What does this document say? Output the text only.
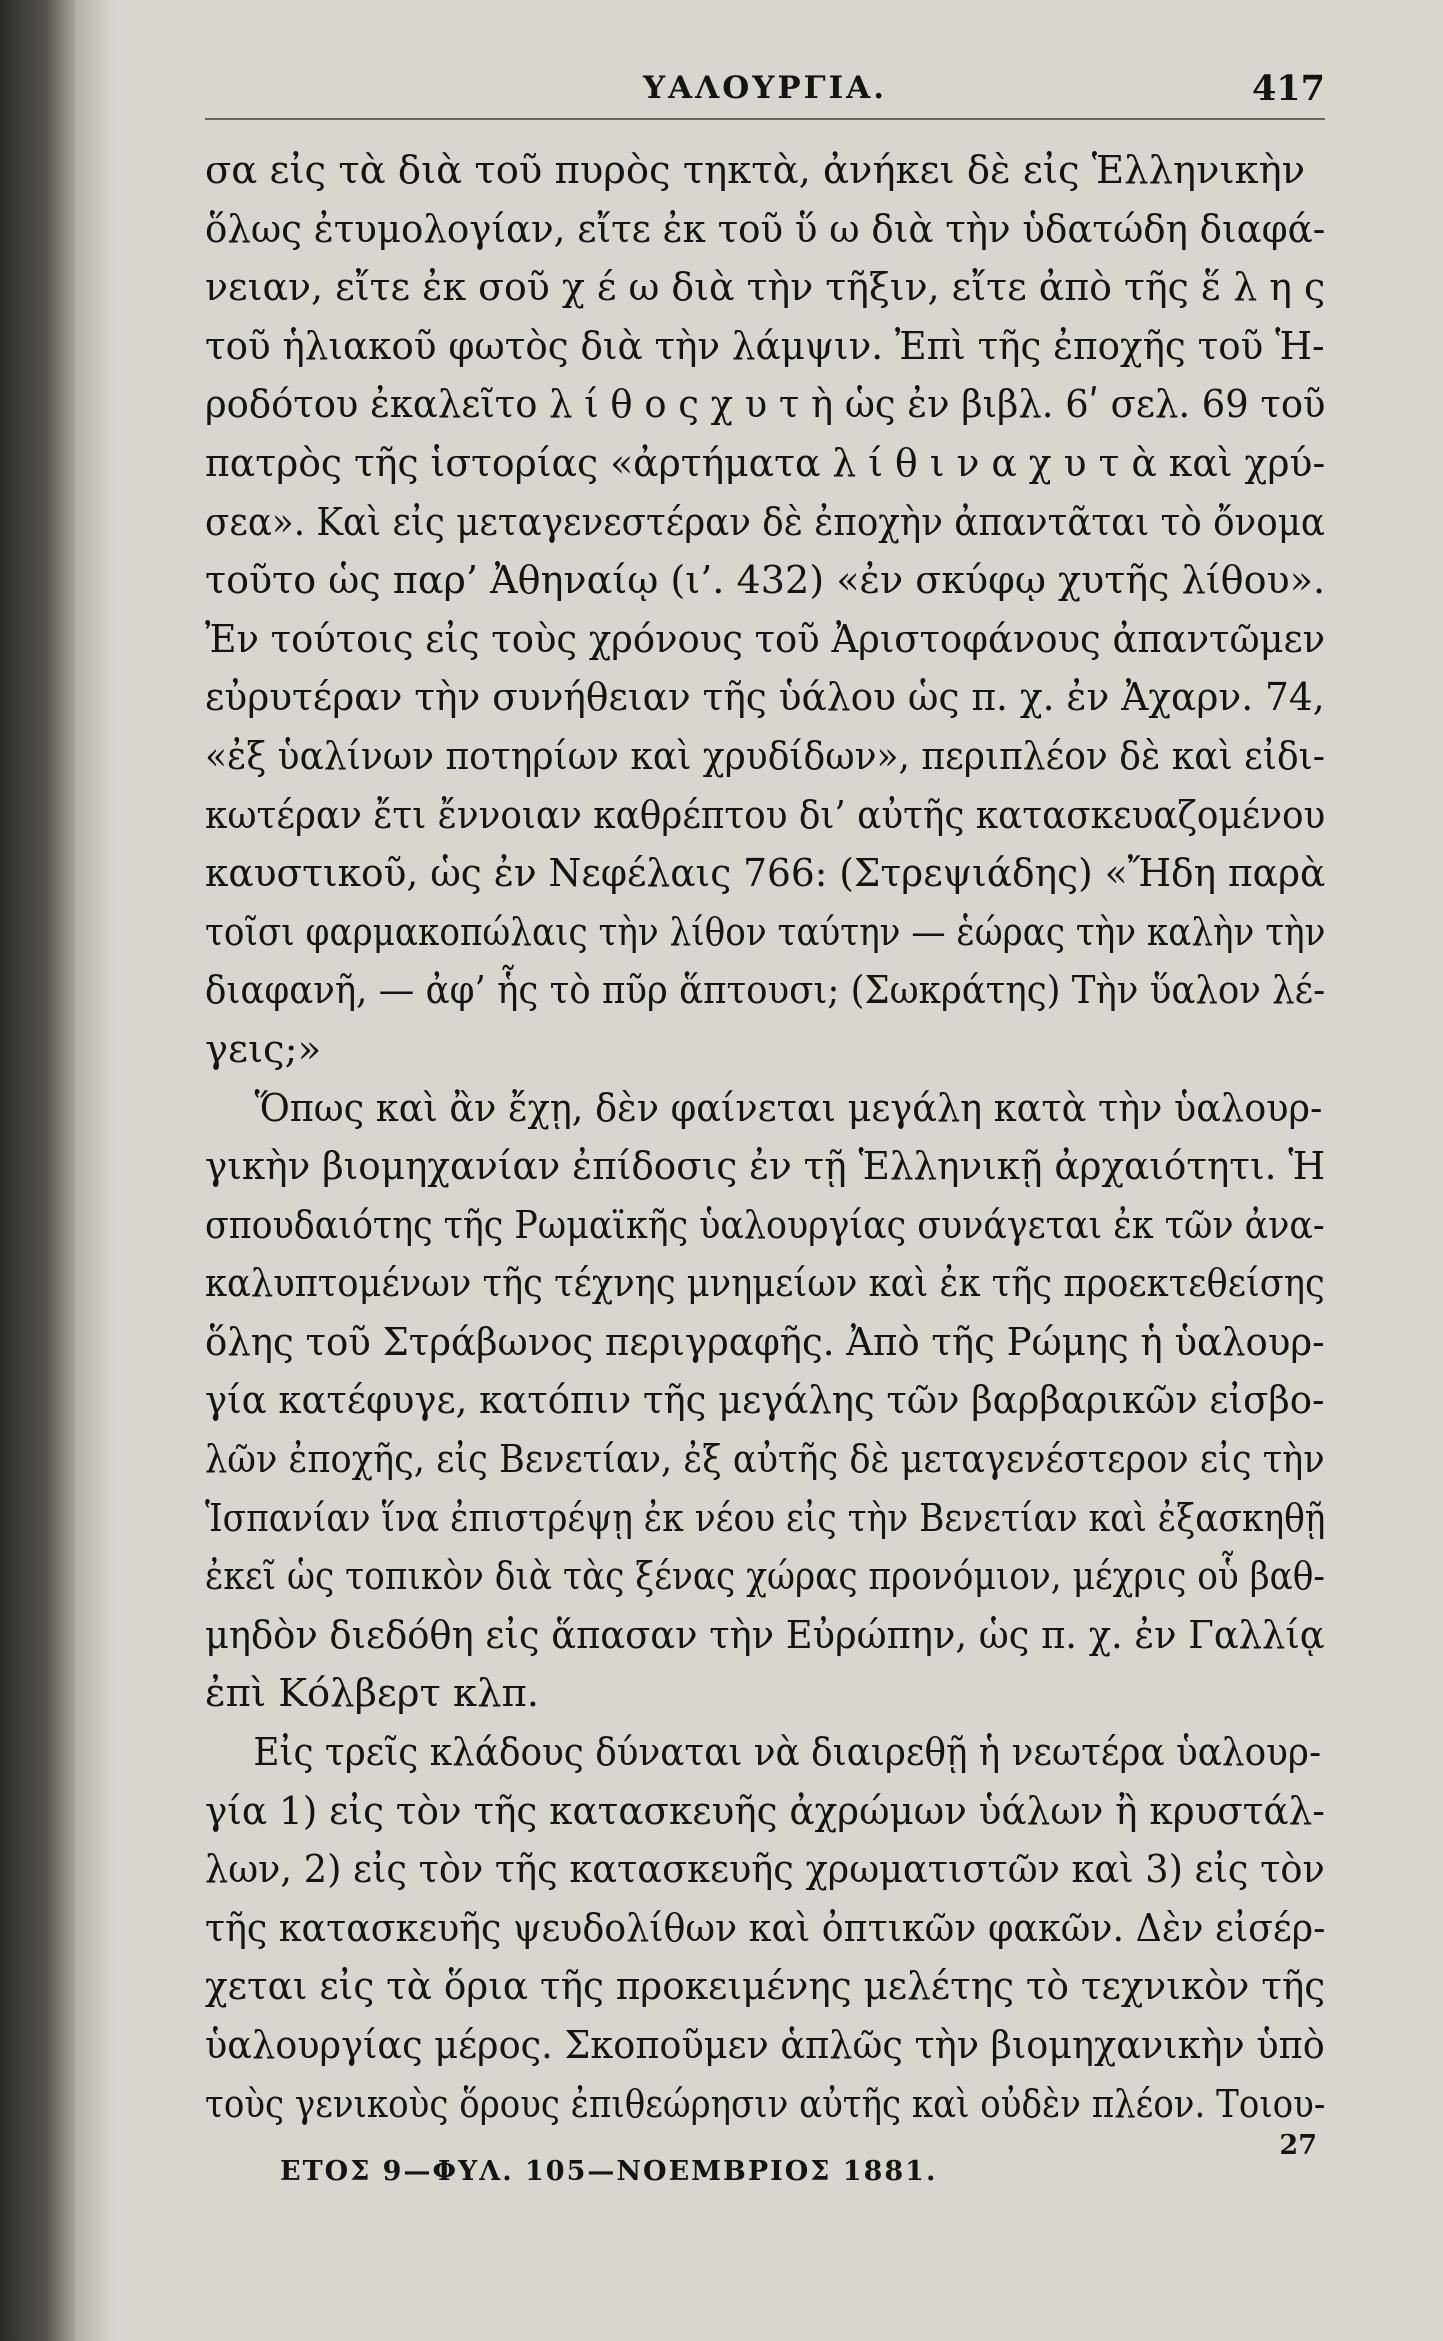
ΥΑΛΟΥΡΓΙΑ.	417
σα εἰς τὰ διὰ τοῦ πυρὸς τηκτὰ, ἀνήκει δὲ εἰς Ἑλληνικὴν
ὅλως ἐτυμολογίαν, εἴτε ἐκ τοῦ ὕ ω διὰ τὴν ὑδατώδη διαφά-
νειαν, εἴτε ἐκ σοῦ χ έ ω διὰ τὴν τῆξιν, εἴτε ἀπὸ τῆς ἕ λ η ς
τοῦ ἡλιακοῦ φωτὸς διὰ τὴν λάμψιν. Ἐπὶ τῆς ἐποχῆς τοῦ Ἡ-
ροδότου ἐκαλεῖτο λ ί θ ο ς χ υ τ ὴ ὡς ἐν βιβλ. 6ʹ σελ. 69 τοῦ
πατρὸς τῆς ἱστορίας «ἀρτήματα λ ί θ ι ν α χ υ τ ὰ καὶ χρύ-
σεα». Καὶ εἰς μεταγενεστέραν δὲ ἐποχὴν ἀπαντᾶται τὸ ὄνομα
τοῦτο ὡς παρ’ Ἀθηναίῳ (ι’. 432) «ἐν σκύφῳ χυτῆς λίθου».
Ἐν τούτοις εἰς τοὺς χρόνους τοῦ Ἀριστοφάνους ἀπαντῶμεν
εὐρυτέραν τὴν συνήθειαν τῆς ὑάλου ὡς π. χ. ἐν Ἀχαρν. 74,
«ἐξ ὑαλίνων ποτηρίων καὶ χρυδίδων», περιπλέον δὲ καὶ εἰδι-
κωτέραν ἔτι ἔννοιαν καθρέπτου δι’ αὐτῆς κατασκευαζομένου
καυστικοῦ, ὡς ἐν Νεφέλαις 766: (Στρεψιάδης) «Ἤδη παρὰ
τοῖσι φαρμακοπώλαις τὴν λίθον ταύτην — ἑώρας τὴν καλὴν τὴν
διαφανῆ, — ἀφ’ ἧς τὸ πῦρ ἅπτουσι; (Σωκράτης) Τὴν ὕαλον λέ-
γεις;»
Ὅπως καὶ ἂν ἔχῃ, δὲν φαίνεται μεγάλη κατὰ τὴν ὑαλουρ-
γικὴν βιομηχανίαν ἐπίδοσις ἐν τῇ Ἑλληνικῇ ἀρχαιότητι. Ἡ
σπουδαιότης τῆς Ρωμαϊκῆς ὑαλουργίας συνάγεται ἐκ τῶν ἀνα-
καλυπτομένων τῆς τέχνης μνημείων καὶ ἐκ τῆς προεκτεθείσης
ὅλης τοῦ Στράβωνος περιγραφῆς. Ἀπὸ τῆς Ρώμης ἡ ὑαλουρ-
γία κατέφυγε, κατόπιν τῆς μεγάλης τῶν βαρβαρικῶν εἰσβο-
λῶν ἐποχῆς, εἰς Βενετίαν, ἐξ αὐτῆς δὲ μεταγενέστερον εἰς τὴν
Ἱσπανίαν ἵνα ἐπιστρέψῃ ἐκ νέου εἰς τὴν Βενετίαν καὶ ἐξασκηθῇ
ἐκεῖ ὡς τοπικὸν διὰ τὰς ξένας χώρας προνόμιον, μέχρις οὗ βαθ-
μηδὸν διεδόθη εἰς ἅπασαν τὴν Εὐρώπην, ὡς π. χ. ἐν Γαλλίᾳ
ἐπὶ Κόλβερτ κλπ.
Εἰς τρεῖς κλάδους δύναται νὰ διαιρεθῇ ἡ νεωτέρα ὑαλουρ-
γία 1) εἰς τὸν τῆς κατασκευῆς ἀχρώμων ὑάλων ἢ κρυστάλ-
λων, 2) εἰς τὸν τῆς κατασκευῆς χρωματιστῶν καὶ 3) εἰς τὸν
τῆς κατασκευῆς ψευδολίθων καὶ ὀπτικῶν φακῶν. Δὲν εἰσέρ-
χεται εἰς τὰ ὅρια τῆς προκειμένης μελέτης τὸ τεχνικὸν τῆς
ὑαλουργίας μέρος. Σκοποῦμεν ἁπλῶς τὴν βιομηχανικὴν ὑπὸ
τοὺς γενικοὺς ὅρους ἐπιθεώρησιν αὐτῆς καὶ οὐδὲν πλέον. Τοιου-
ΕΤΟΣ 9—ΦΥΛ. 105—ΝΟΕΜΒΡΙΟΣ 1881.
27
